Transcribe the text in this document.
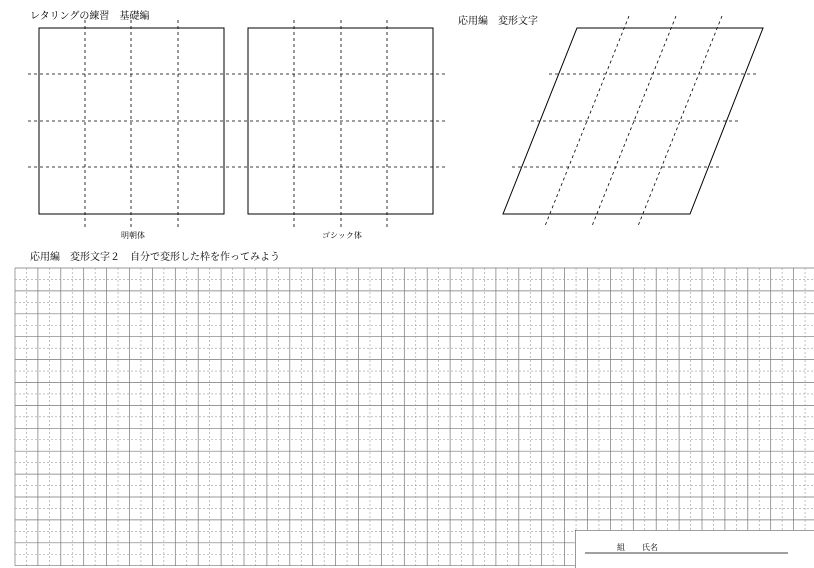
レタリングの練習　基礎編	応用編　変形文字
明朝体	ゴシック体
応用編　変形文字２　自分で変形した枠を作ってみよう
組 氏名
